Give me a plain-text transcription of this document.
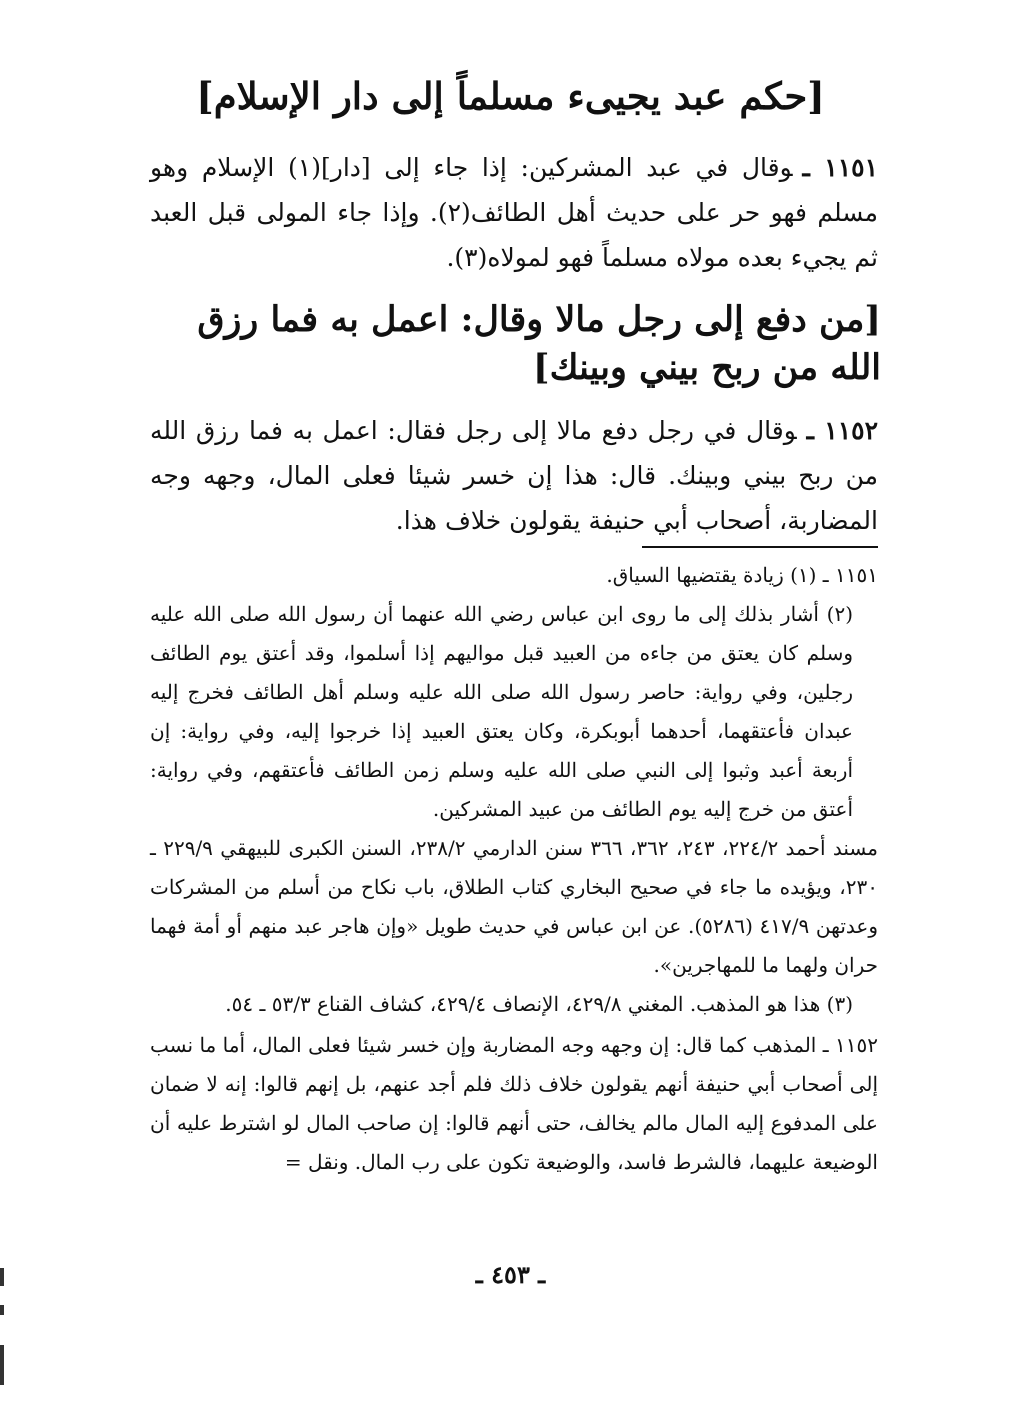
[حكم عبد يجيىء مسلماً إلى دار الإسلام]

١١٥١ ـوقال في عبد المشركين: إذا جاء إلى [دار](١) الإسلام وهو مسلم فهو حر على حديث أهل الطائف(٢). وإذا جاء المولى قبل العبد ثم يجيء بعده مولاه مسلماً فهو لمولاه(٣).

[من دفع إلى رجل مالا وقال: اعمل به فما رزق الله من ربح بيني وبينك]

١١٥٢ ـوقال في رجل دفع مالا إلى رجل فقال: اعمل به فما رزق الله من ربح بيني وبينك. قال: هذا إن خسر شيئا فعلى المال، وجهه وجه المضاربة، أصحاب أبي حنيفة يقولون خلاف هذا.

١١٥١ ـ (١) زيادة يقتضيها السياق.

(٢) أشار بذلك إلى ما روى ابن عباس رضي الله عنهما أن رسول الله صلى الله عليه وسلم كان يعتق من جاءه من العبيد قبل مواليهم إذا أسلموا، وقد أعتق يوم الطائف رجلين، وفي رواية: حاصر رسول الله صلى الله عليه وسلم أهل الطائف فخرج إليه عبدان فأعتقهما، أحدهما أبوبكرة، وكان يعتق العبيد إذا خرجوا إليه، وفي رواية: إن أربعة أعبد وثبوا إلى النبي صلى الله عليه وسلم زمن الطائف فأعتقهم، وفي رواية: أعتق من خرج إليه يوم الطائف من عبيد المشركين.

مسند أحمد ٢٢٤/٢، ٢٤٣، ٣٦٢، ٣٦٦ سنن الدارمي ٢٣٨/٢، السنن الكبرى للبيهقي ٢٢٩/٩ ـ ٢٣٠، ويؤيده ما جاء في صحيح البخاري كتاب الطلاق، باب نكاح من أسلم من المشركات وعدتهن ٤١٧/٩ (٥٢٨٦). عن ابن عباس في حديث طويل «وإن هاجر عبد منهم أو أمة فهما حران ولهما ما للمهاجرين».

(٣) هذا هو المذهب. المغني ٤٢٩/٨، الإنصاف ٤٢٩/٤، كشاف القناع ٥٣/٣ ـ ٥٤.

١١٥٢ ـ المذهب كما قال: إن وجهه وجه المضاربة وإن خسر شيئا فعلى المال، أما ما نسب إلى أصحاب أبي حنيفة أنهم يقولون خلاف ذلك فلم أجد عنهم، بل إنهم قالوا: إنه لا ضمان على المدفوع إليه المال مالم يخالف، حتى أنهم قالوا: إن صاحب المال لو اشترط عليه أن الوضيعة عليهما، فالشرط فاسد، والوضيعة تكون على رب المال. ونقل =

ـ ٤٥٣ ـ
